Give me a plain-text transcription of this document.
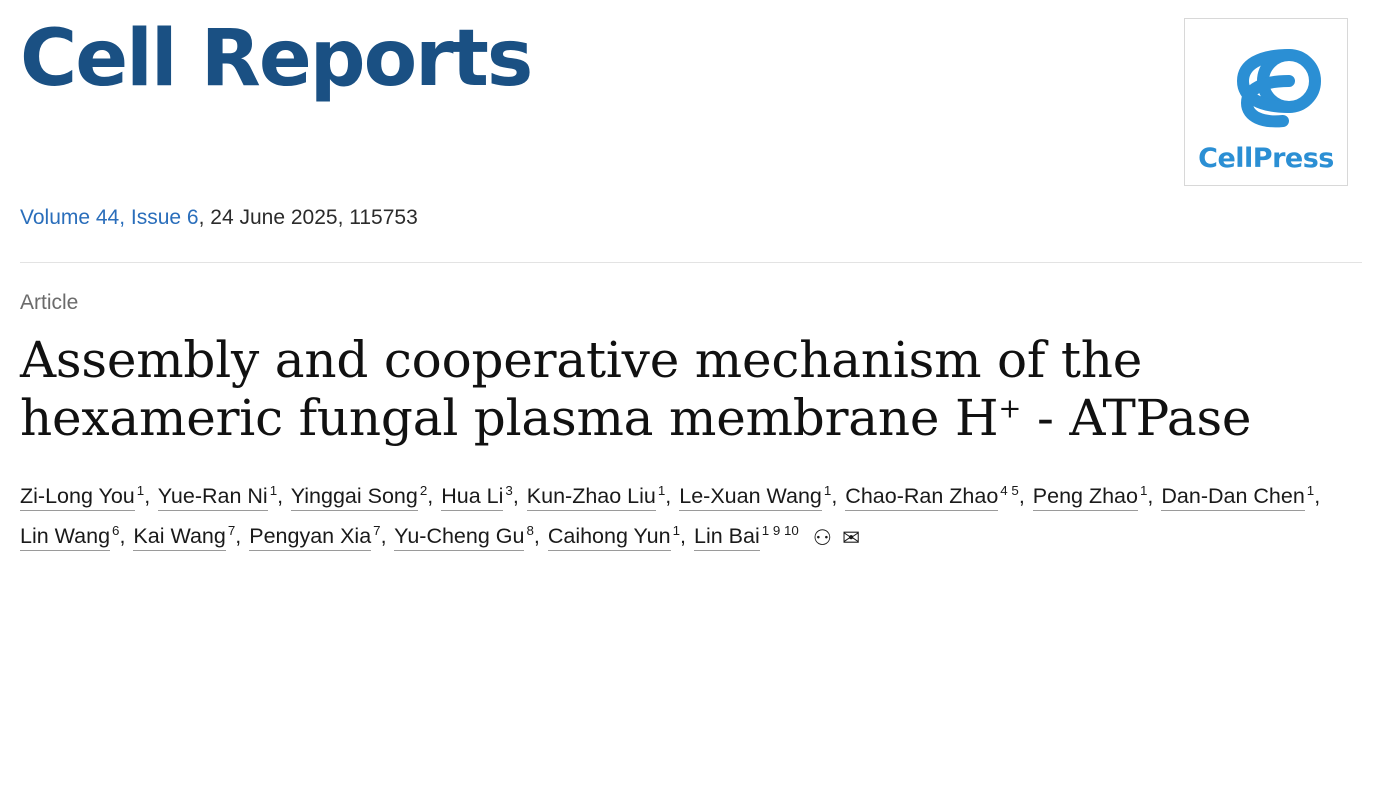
Cell Reports
CellPress
Volume 44, Issue 6, 24 June 2025, 115753
Article
Assembly and cooperative mechanism of the hexameric fungal plasma membrane H+ - ATPase
Zi-Long You $^1$, Yue-Ran Ni $^1$, Yinggai Song $^2$, Hua Li $^3$, Kun-Zhao Liu $^1$, Le-Xuan Wang $^1$, Chao-Ran Zhao $^{4 5}$, Peng Zhao $^1$, Dan-Dan Chen $^1$, Lin Wang $^6$, Kai Wang $^7$, Pengyan Xia $^7$, Yu-Cheng Gu $^8$, Caihong Yun $^1$, Lin Bai $^{1 9 10}$ ⚇ ✉
